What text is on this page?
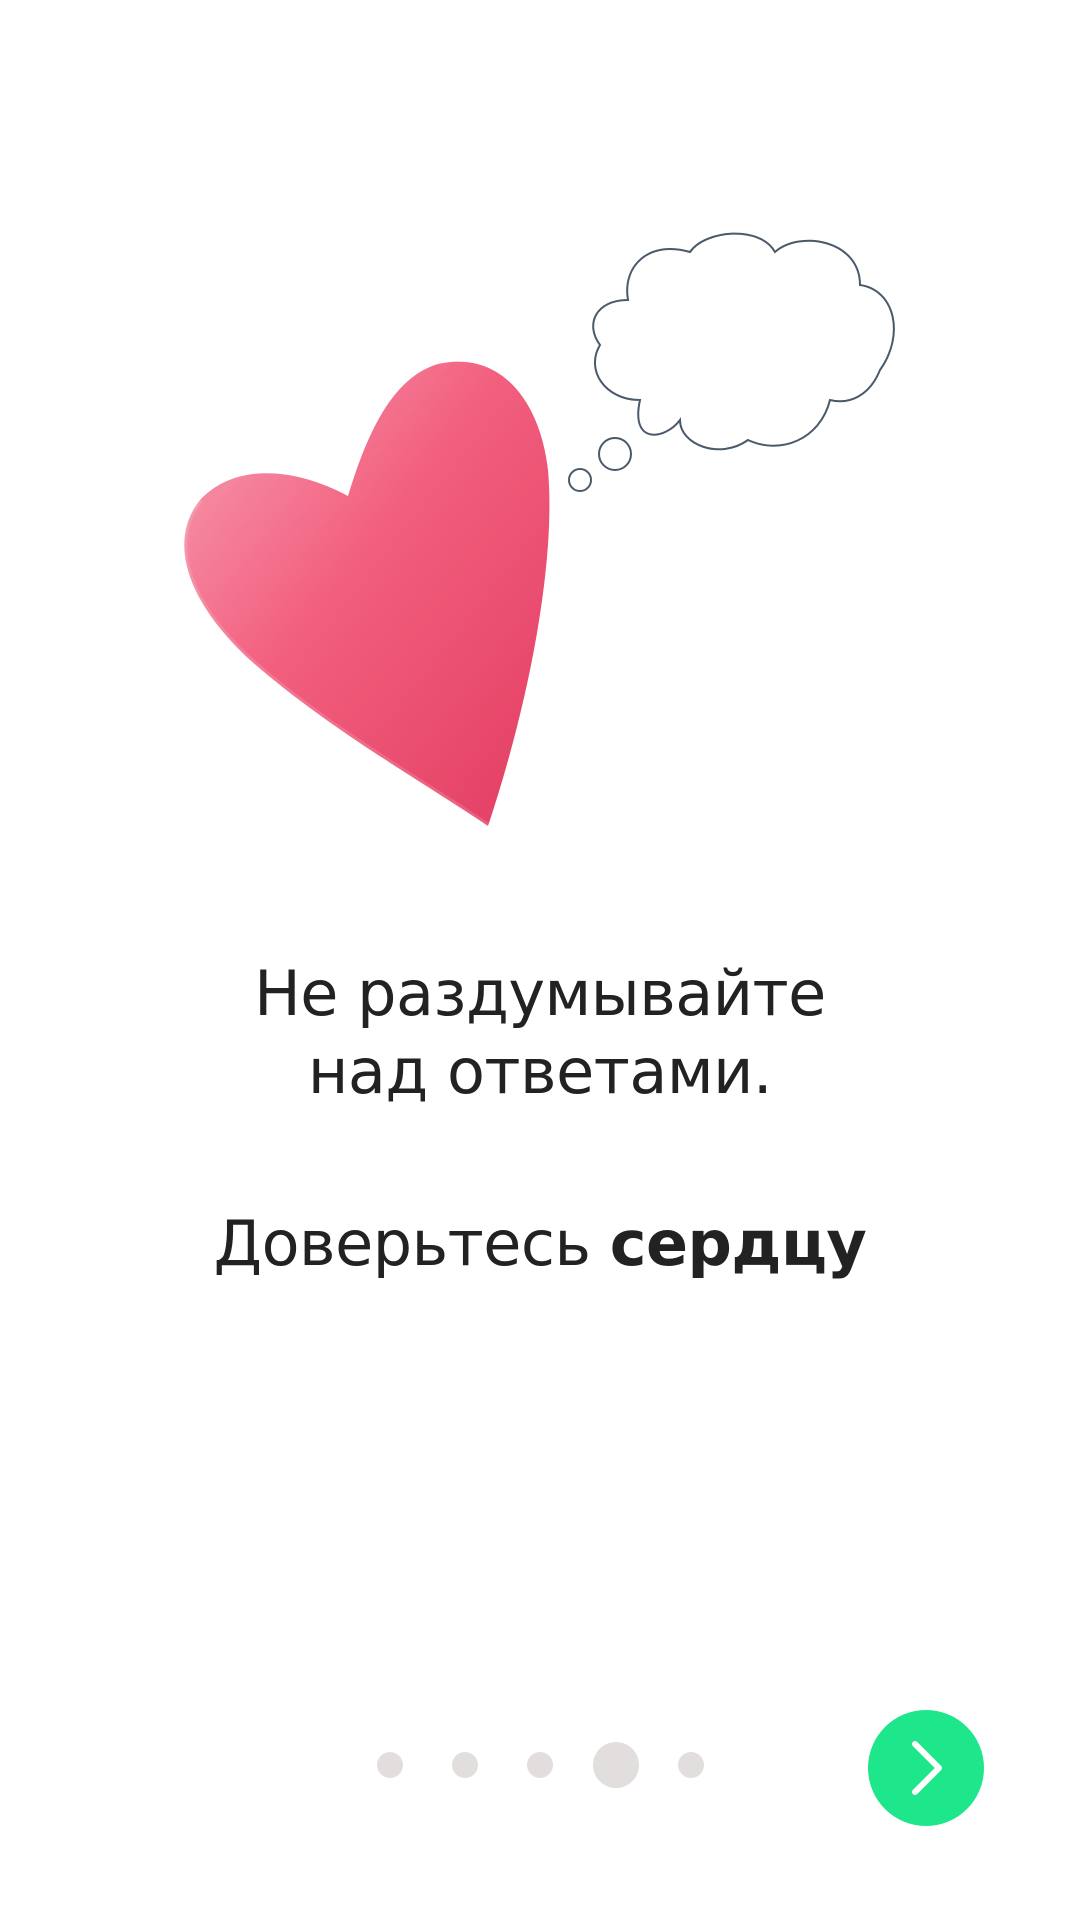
Не раздумывайте
над ответами.
Доверьтесь сердцу
